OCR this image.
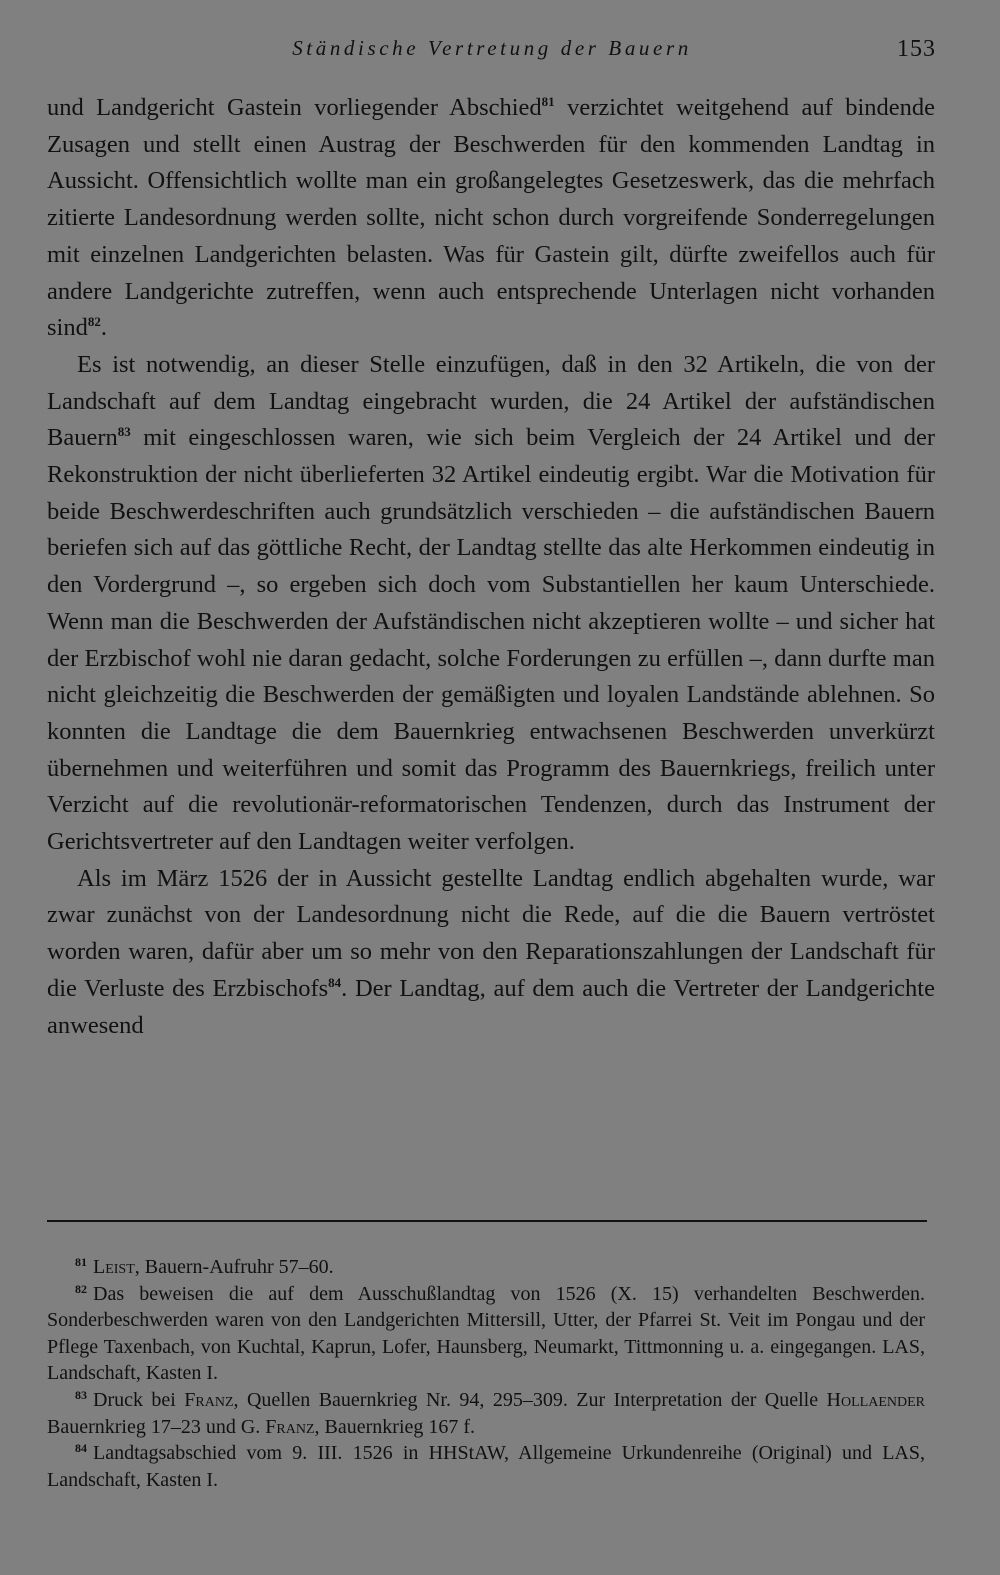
Ständische Vertretung der Bauern	153

und Landgericht Gastein vorliegender Abschied$^{81}$ verzichtet weitgehend auf bindende Zusagen und stellt einen Austrag der Beschwerden für den kommenden Landtag in Aussicht. Offensichtlich wollte man ein großangelegtes Gesetzeswerk, das die mehrfach zitierte Landesordnung werden sollte, nicht schon durch vorgreifende Sonderregelungen mit einzelnen Landgerichten belasten. Was für Gastein gilt, dürfte zweifellos auch für andere Landgerichte zutreffen, wenn auch entsprechende Unterlagen nicht vorhanden sind$^{82}$.

Es ist notwendig, an dieser Stelle einzufügen, daß in den 32 Artikeln, die von der Landschaft auf dem Landtag eingebracht wurden, die 24 Artikel der aufständischen Bauern$^{83}$ mit eingeschlossen waren, wie sich beim Vergleich der 24 Artikel und der Rekonstruktion der nicht überlieferten 32 Artikel eindeutig ergibt. War die Motivation für beide Beschwerdeschriften auch grundsätzlich verschieden – die aufständischen Bauern beriefen sich auf das göttliche Recht, der Landtag stellte das alte Herkommen eindeutig in den Vordergrund –, so ergeben sich doch vom Substantiellen her kaum Unterschiede. Wenn man die Beschwerden der Aufständischen nicht akzeptieren wollte – und sicher hat der Erzbischof wohl nie daran gedacht, solche Forderungen zu erfüllen –, dann durfte man nicht gleichzeitig die Beschwerden der gemäßigten und loyalen Landstände ablehnen. So konnten die Landtage die dem Bauernkrieg entwachsenen Beschwerden unverkürzt übernehmen und weiterführen und somit das Programm des Bauernkriegs, freilich unter Verzicht auf die revolutionär-reformatorischen Tendenzen, durch das Instrument der Gerichtsvertreter auf den Landtagen weiter verfolgen.

Als im März 1526 der in Aussicht gestellte Landtag endlich abgehalten wurde, war zwar zunächst von der Landesordnung nicht die Rede, auf die die Bauern vertröstet worden waren, dafür aber um so mehr von den Reparationszahlungen der Landschaft für die Verluste des Erzbischofs$^{84}$. Der Landtag, auf dem auch die Vertreter der Landgerichte anwesend

$^{81}$ Leist, Bauern-Aufruhr 57–60.

$^{82}$ Das beweisen die auf dem Ausschußlandtag von 1526 (X. 15) verhandelten Beschwerden. Sonderbeschwerden waren von den Landgerichten Mittersill, Utter, der Pfarrei St. Veit im Pongau und der Pflege Taxenbach, von Kuchtal, Kaprun, Lofer, Haunsberg, Neumarkt, Tittmonning u. a. eingegangen. LAS, Landschaft, Kasten I.

$^{83}$ Druck bei Franz, Quellen Bauernkrieg Nr. 94, 295–309. Zur Interpretation der Quelle Hollaender Bauernkrieg 17–23 und G. Franz, Bauernkrieg 167 f.

$^{84}$ Landtagsabschied vom 9. III. 1526 in HHStAW, Allgemeine Urkundenreihe (Original) und LAS, Landschaft, Kasten I.
